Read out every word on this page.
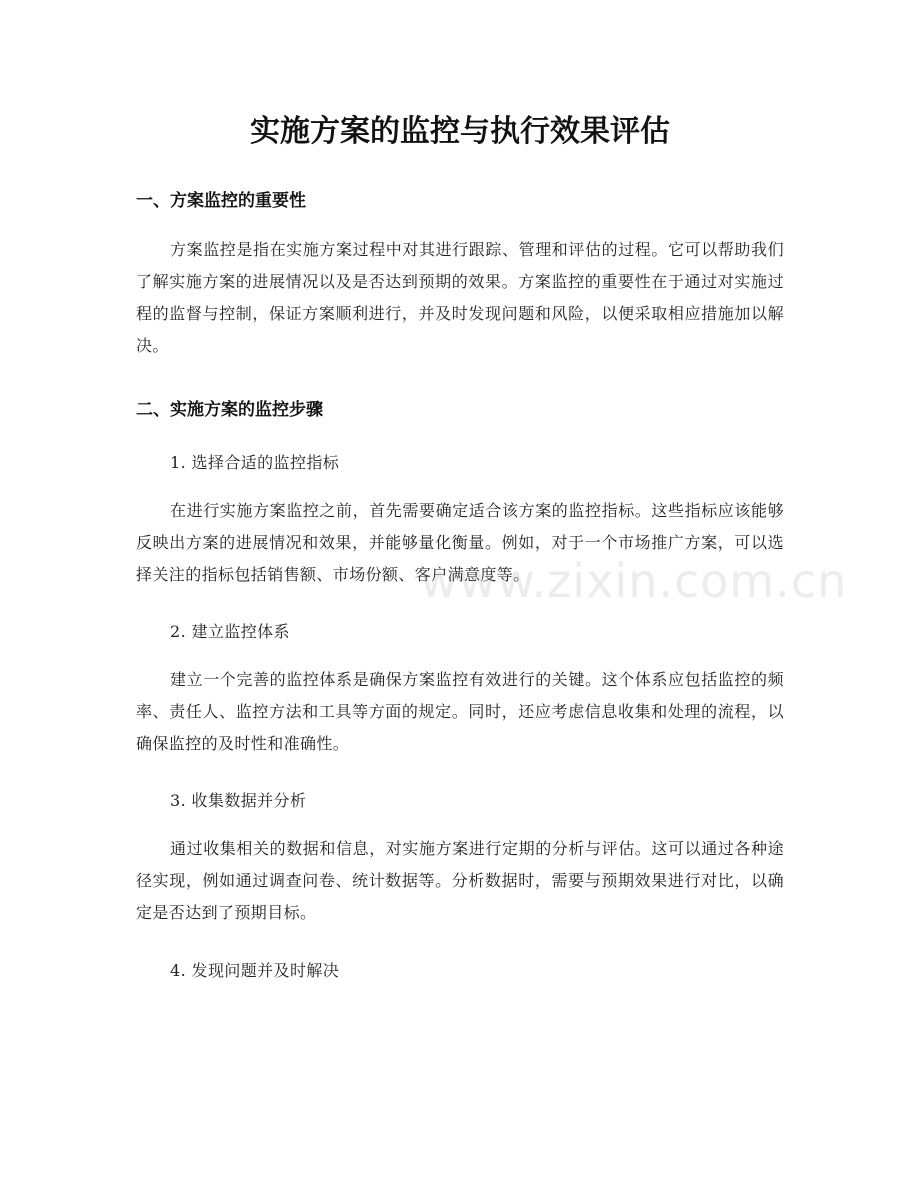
实施方案的监控与执行效果评估
一、方案监控的重要性

方案监控是指在实施方案过程中对其进行跟踪、管理和评估的过程。它可以帮助我们了解实施方案的进展情况以及是否达到预期的效果。方案监控的重要性在于通过对实施过程的监督与控制，保证方案顺利进行，并及时发现问题和风险，以便采取相应措施加以解决。

二、实施方案的监控步骤
1. 选择合适的监控指标

在进行实施方案监控之前，首先需要确定适合该方案的监控指标。这些指标应该能够反映出方案的进展情况和效果，并能够量化衡量。例如，对于一个市场推广方案，可以选择关注的指标包括销售额、市场份额、客户满意度等。

2. 建立监控体系

建立一个完善的监控体系是确保方案监控有效进行的关键。这个体系应包括监控的频率、责任人、监控方法和工具等方面的规定。同时，还应考虑信息收集和处理的流程，以确保监控的及时性和准确性。

3. 收集数据并分析

通过收集相关的数据和信息，对实施方案进行定期的分析与评估。这可以通过各种途径实现，例如通过调查问卷、统计数据等。分析数据时，需要与预期效果进行对比，以确定是否达到了预期目标。

4. 发现问题并及时解决
www.zixin.com.cn
